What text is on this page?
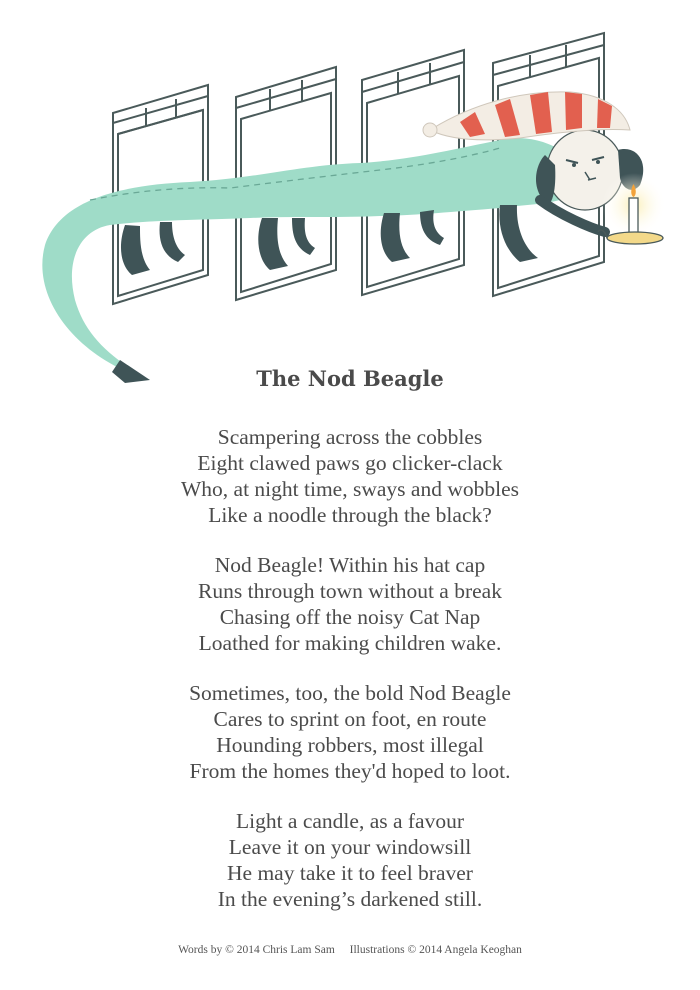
The Nod Beagle
Scampering across the cobbles
Eight clawed paws go clicker-clack
Who, at night time, sways and wobbles
Like a noodle through the black?
Nod Beagle! Within his hat cap
Runs through town without a break
Chasing off the noisy Cat Nap
Loathed for making children wake.
Sometimes, too, the bold Nod Beagle
Cares to sprint on foot, en route
Hounding robbers, most illegal
From the homes they'd hoped to loot.
Light a candle, as a favour
Leave it on your windowsill
He may take it to feel braver
In the evening’s darkened still.
Words by © 2014 Chris Lam Sam Illustrations © 2014 Angela Keoghan
